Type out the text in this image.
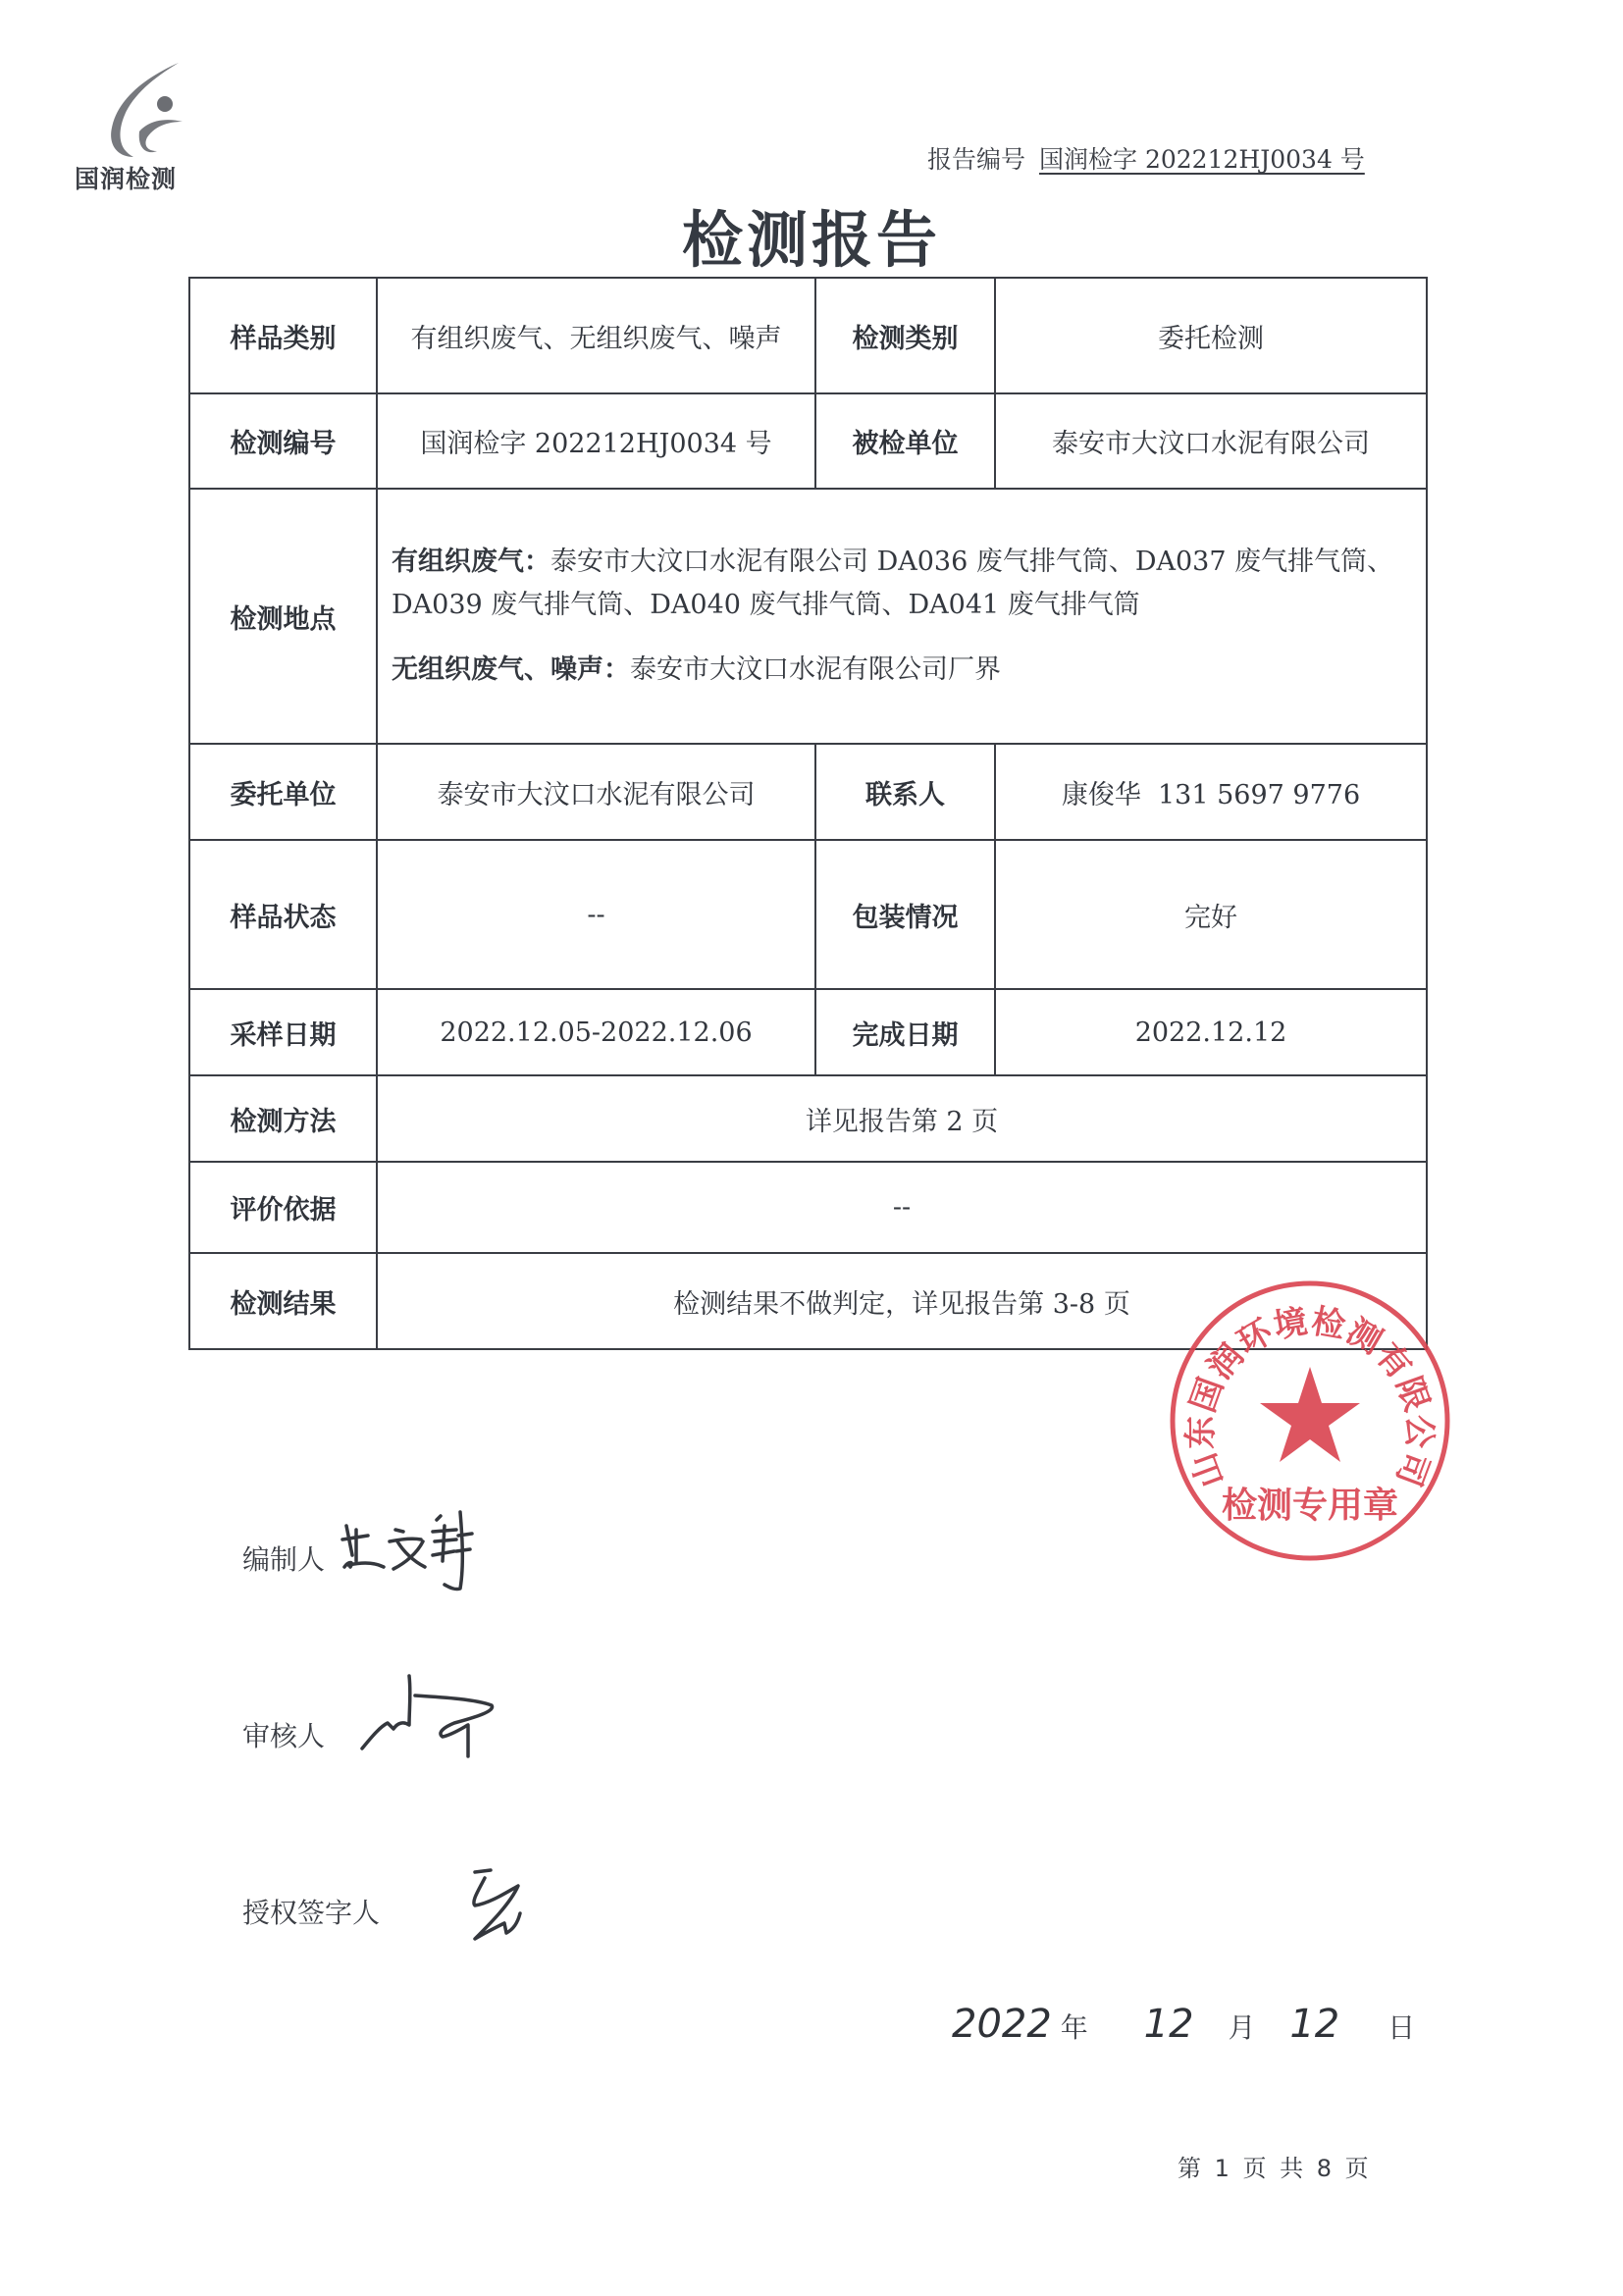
国润检测
报告编号 国润检字 202212HJ0034 号
检测报告
样品类别	有组织废气、无组织废气、噪声	检测类别	委托检测
检测编号	国润检字 202212HJ0034 号	被检单位	泰安市大汶口水泥有限公司
检测地点	有组织废气：泰安市大汶口水泥有限公司 DA036 废气排气筒、DA037 废气排气筒、DA039 废气排气筒、DA040 废气排气筒、DA041 废气排气筒
无组织废气、噪声：泰安市大汶口水泥有限公司厂界		

委托单位	泰安市大汶口水泥有限公司	联系人	康俊华  131 5697 9776
样品状态	--	包装情况	完好
采样日期	2022.12.05-2022.12.06	完成日期	2022.12.12
检测方法	详见报告第 2 页		
评价依据	--		
检测结果	检测结果不做判定，详见报告第 3-8 页		
山东国润环境检测有限公司
检测专用章
编制人
审核人
授权签字人
2022 年 12 月 12 日
第 1 页 共 8 页
